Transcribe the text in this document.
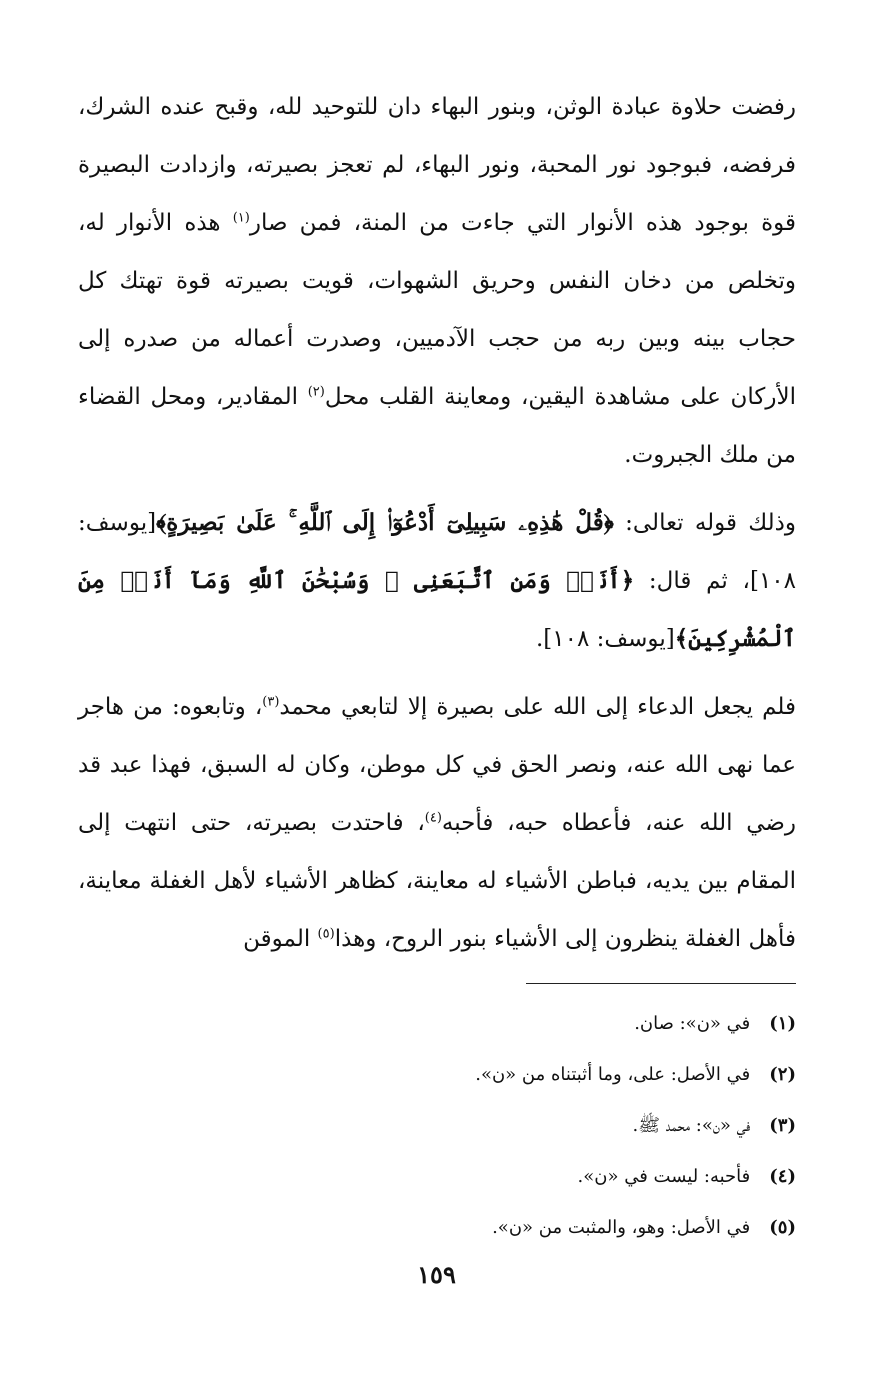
رفضت حلاوة عبادة الوثن، وبنور البهاء دان للتوحيد لله، وقبح عنده الشرك، فرفضه، فبوجود نور المحبة، ونور البهاء، لم تعجز بصيرته، وازدادت البصيرة قوة بوجود هذه الأنوار التي جاءت من المنة، فمن صار$^{(١)}$ هذه الأنوار له، وتخلص من دخان النفس وحريق الشهوات، قويت بصيرته قوة تهتك كل حجاب بينه وبين ربه من حجب الآدميين، وصدرت أعماله من صدره إلى الأركان على مشاهدة اليقين، ومعاينة القلب محل$^{(٢)}$ المقادير، ومحل القضاء من ملك الجبروت.

وذلك قوله تعالى: ﴿قُلْ هَٰذِهِۦ سَبِيلِىٓ أَدْعُوٓا۟ إِلَى ٱللَّهِ ۚ عَلَىٰ بَصِيرَةٍ﴾[يوسف: ١٠٨]، ثم قال: ﴿أَنَا۠ وَمَنِ ٱتَّبَعَنِى ۖ وَسُبْحَٰنَ ٱللَّهِ وَمَآ أَنَا۠ مِنَ ٱلْمُشْرِكِينَ﴾[يوسف: ١٠٨].

فلم يجعل الدعاء إلى الله على بصيرة إلا لتابعي محمد$^{(٣)}$، وتابعوه: من هاجر عما نهى الله عنه، ونصر الحق في كل موطن، وكان له السبق، فهذا عبد قد رضي الله عنه، فأعطاه حبه، فأحبه$^{(٤)}$، فاحتدت بصيرته، حتى انتهت إلى المقام بين يديه، فباطن الأشياء له معاينة، كظاهر الأشياء لأهل الغفلة معاينة، فأهل الغفلة ينظرون إلى الأشياء بنور الروح، وهذا$^{(٥)}$ الموقن

(١) في «ن»: صان.
(٢) في الأصل: على، وما أثبتناه من «ن».
(٣) في «ن»: محمد ﷺ.
(٤) فأحبه: ليست في «ن».
(٥) في الأصل: وهو، والمثبت من «ن».
١٥٩
